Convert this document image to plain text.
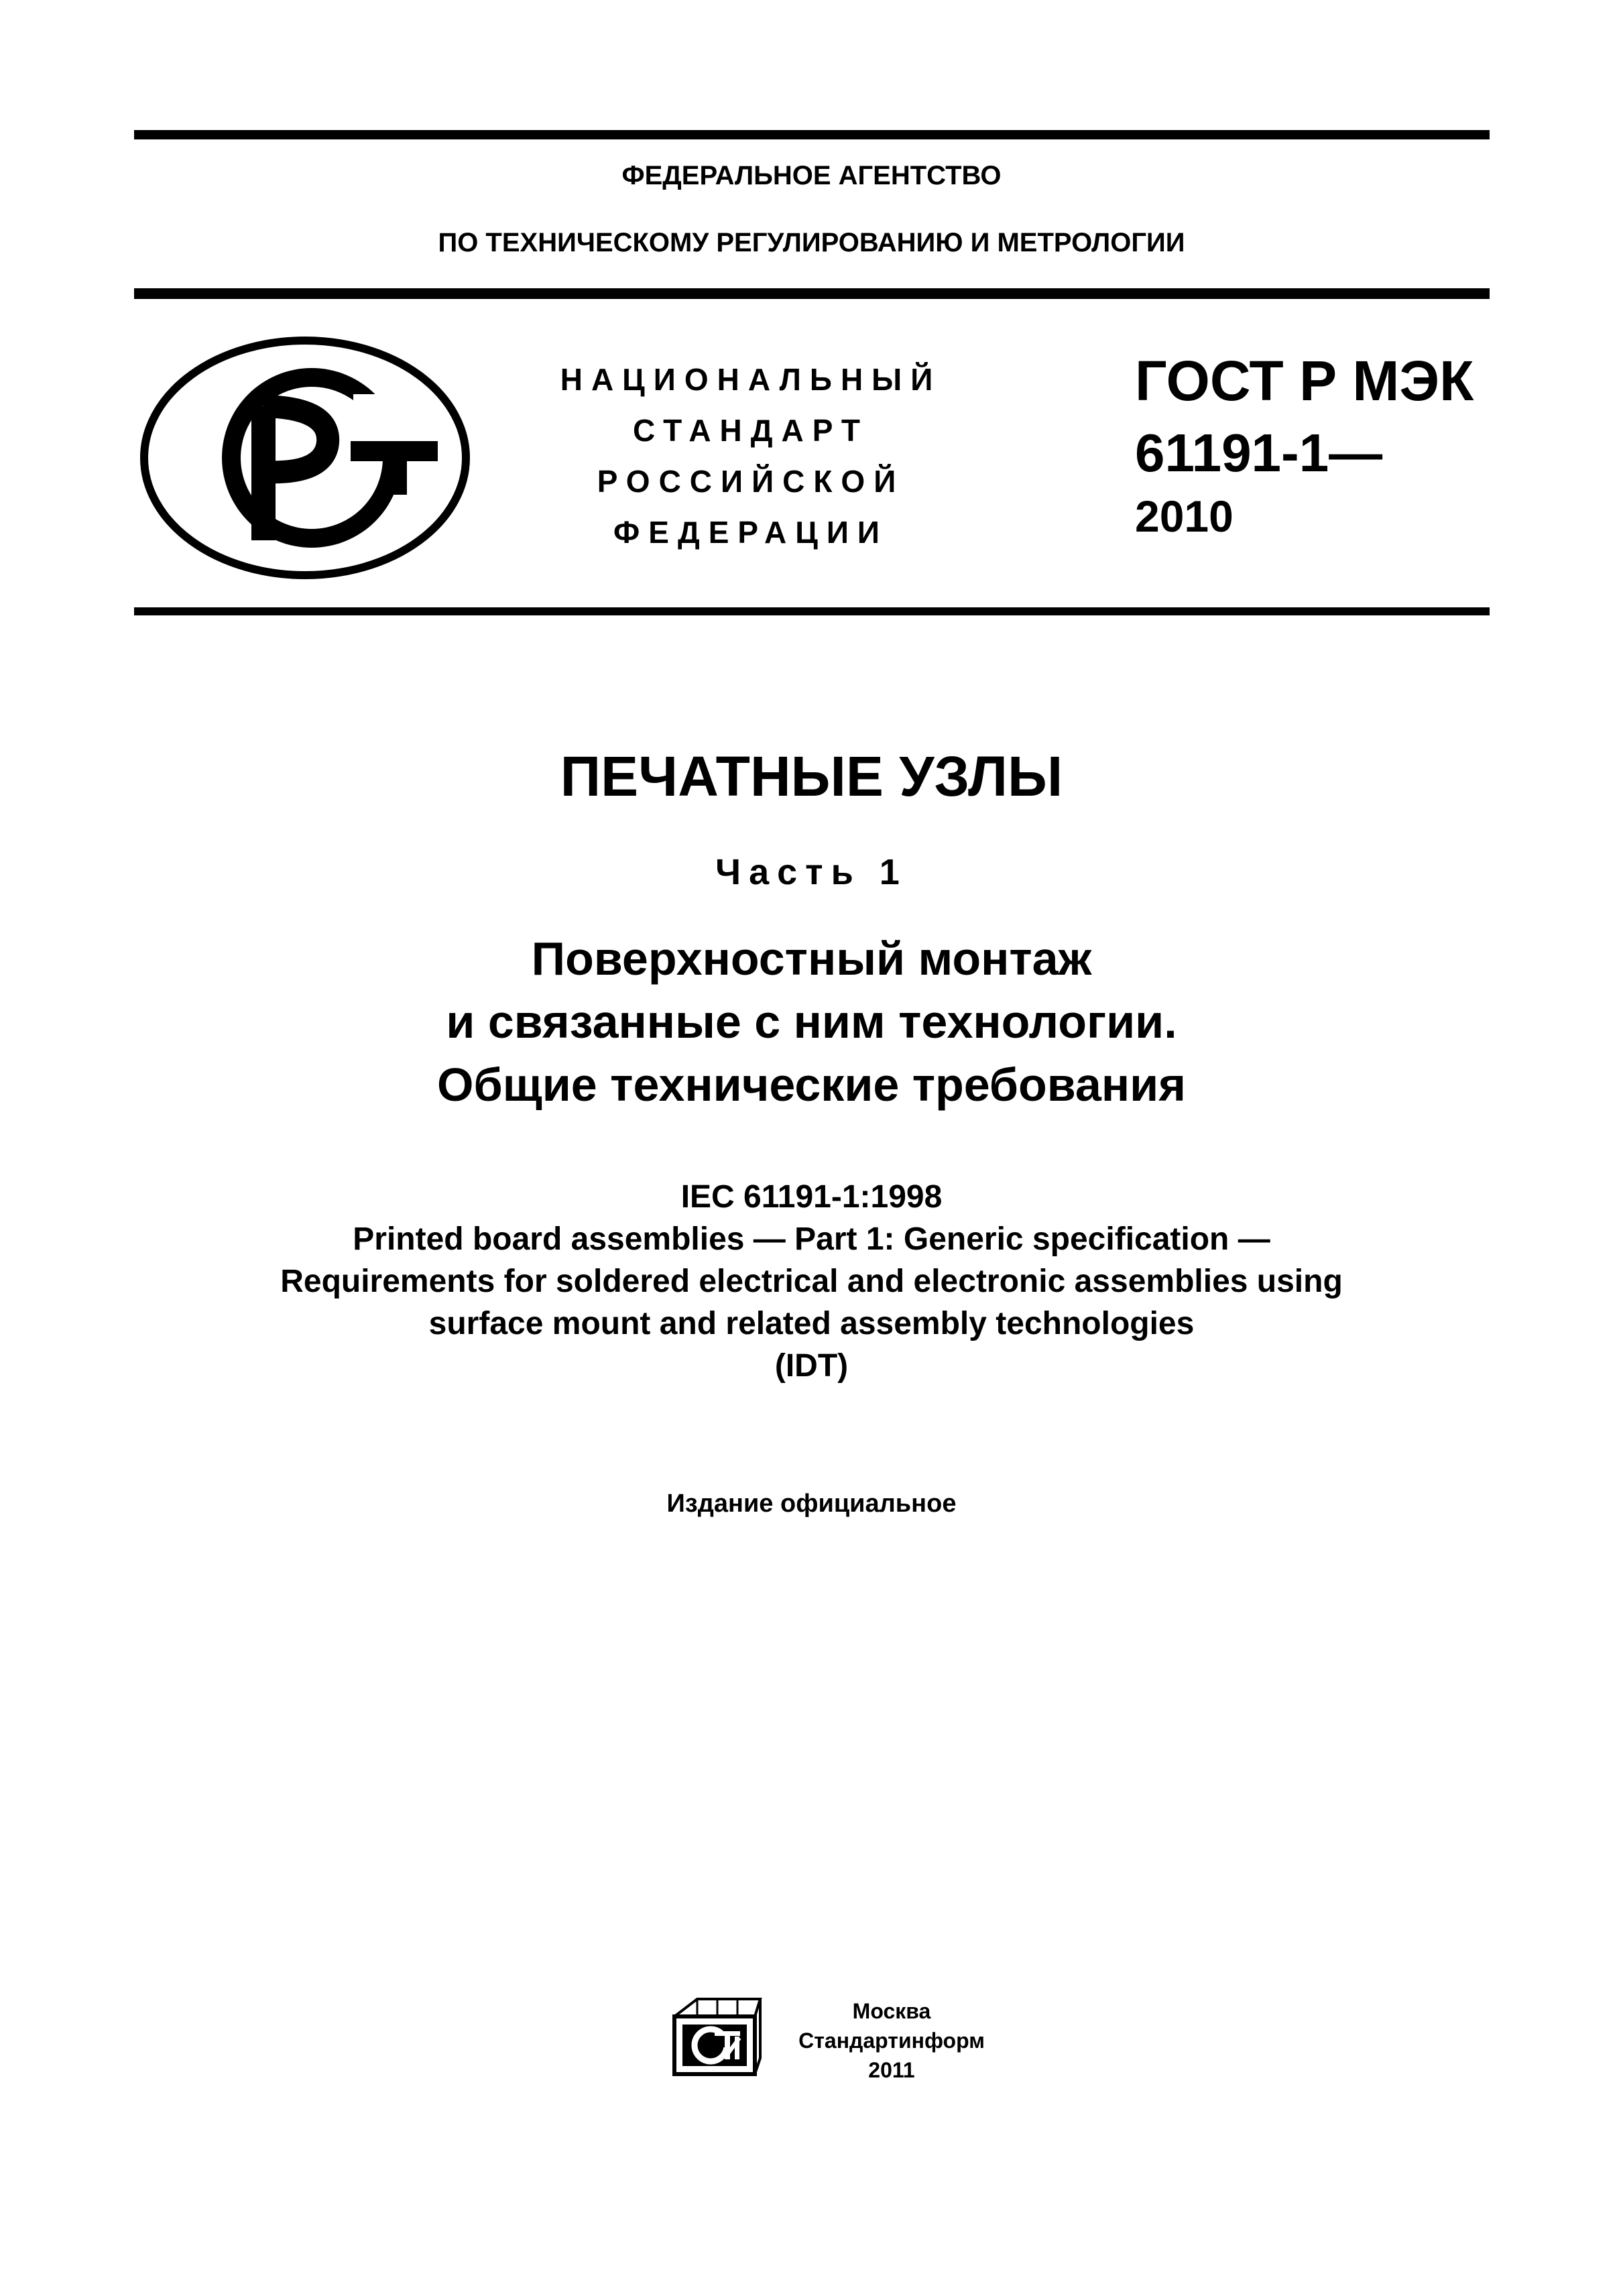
ФЕДЕРАЛЬНОЕ АГЕНТСТВО
ПО ТЕХНИЧЕСКОМУ РЕГУЛИРОВАНИЮ И МЕТРОЛОГИИ
НАЦИОНАЛЬНЫЙ
СТАНДАРТ
РОССИЙСКОЙ
ФЕДЕРАЦИИ
ГОСТ Р МЭК
61191-1—
2010
ПЕЧАТНЫЕ УЗЛЫ
Часть 1
Поверхностный монтаж
и связанные с ним технологии.
Общие технические требования
IEC 61191-1:1998
Printed board assemblies — Part 1: Generic specification —
Requirements for soldered electrical and electronic assemblies using
surface mount and related assembly technologies
(IDT)
Издание официальное
Москва
Стандартинформ
2011
